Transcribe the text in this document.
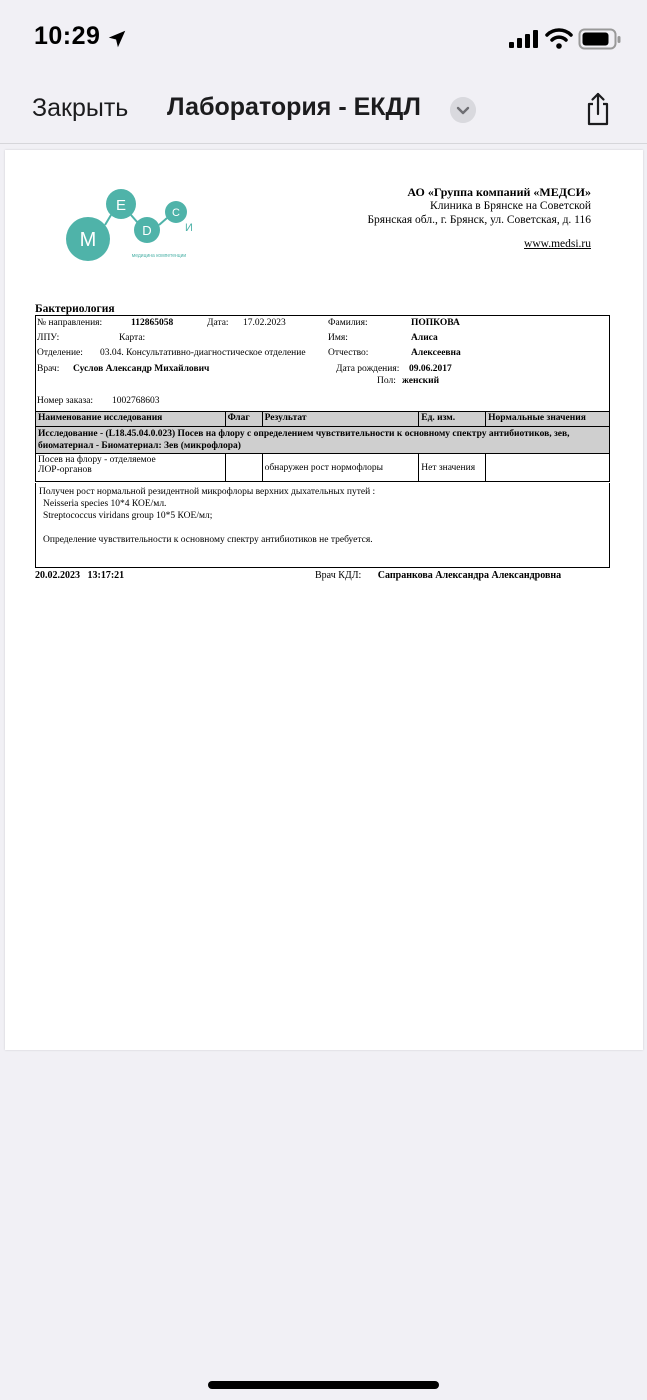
10:29
Закрыть Лаборатория - ЕКДЛ
M
E
D
С
И
медицина компетенции
АО «Группа компаний «МЕДСИ»
Клиника в Брянске на Советской
Брянская обл., г. Брянск, ул. Советская, д. 116
www.medsi.ru
Бактериология
№ направления:	112865058	Дата: 17.02.2023	Фамилия:	ПОПКОВА
ЛПУ:	Карта:	Имя:	Алиса
Отделение: 03.04. Консультативно-диагностическое отделение Отчество:	Алексеевна
Врач: Суслов Александр Михайлович	Дата рождения: 09.06.2017
Пол: женский
Номер заказа: 1002768603
Наименование исследования	Флаг	Результат	Ед. изм.	Нормальные значения

Исследование - (L18.45.04.0.023) Посев на флору с определением чувствительности к основному спектру антибиотиков, зев,
биоматериал - Биоматериал: Зев (микрофлора)				

Посев на флору - отделяемое
ЛОР-органов		обнаружен рост нормофлоры	Нет значения	
Получен рост нормальной резидентной микрофлоры верхних дыхательных путей :
Neisseria species 10*4 КОЕ/мл.
Streptococcus viridans group 10*5 КОЕ/мл;
Определение чувствительности к основному спектру антибиотиков не требуется.
20.02.2023   13:17:21	Врач КДЛ: Сапранкова Александра Александровна
